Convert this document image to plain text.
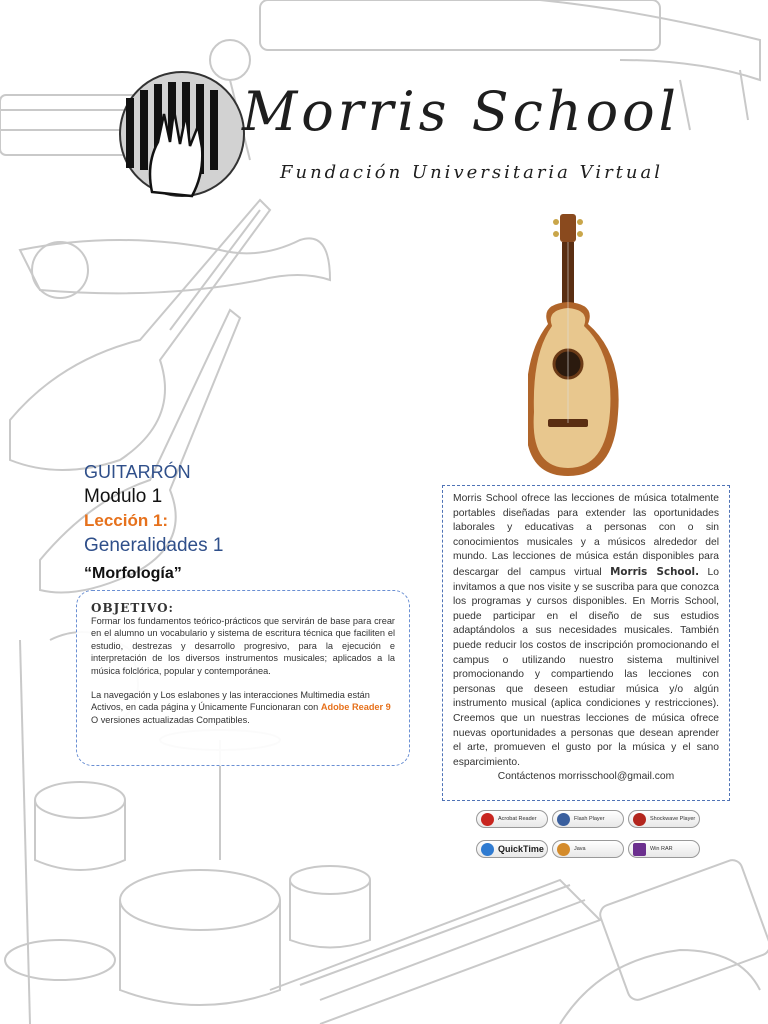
Morris School
Fundación Universitaria Virtual

GUITARRÓN

Modulo 1

Lección 1:

Generalidades 1

“Morfología”

OBJETIVO:

Formar los fundamentos teórico-prácticos que servirán de base para crear en el alumno un vocabulario y sistema de escritura técnica que faciliten el estudio, destrezas y desarrollo progresivo, para la ejecución e interpretación de los diversos instrumentos musicales; aplicados a la música folclórica, popular y contemporánea.

La navegación y Los eslabones y las interacciones Multimedia están Activos, en cada página y Únicamente Funcionaran con Adobe Reader 9 O versiones actualizadas Compatibles.

Morris School ofrece las lecciones de música totalmente portables diseñadas para extender las oportunidades laborales y educativas a personas con o sin conocimientos musicales y a músicos alrededor del mundo. Las lecciones de música están disponibles para descargar del campus virtual Morris School. Lo invitamos a que nos visite y se suscriba para que conozca los programas y cursos disponibles. En Morris School, puede participar en el diseño de sus estudios adaptándolos a sus necesidades musicales. También puede reducir los costos de inscripción promocionando el campus o utilizando nuestro sistema multinivel promocionando y compartiendo las lecciones con personas que deseen estudiar música y/o algún instrumento musical (aplica condiciones y restricciones). Creemos que un nuestras lecciones de música ofrece nuevas oportunidades a personas que desean aprender el arte, promueven el gusto por la música y el sano esparcimiento.

Contáctenos morrisschool@gmail.com

Acrobat Reader	Flash Player	Shockwave Player
QuickTime	Java	Win RAR
